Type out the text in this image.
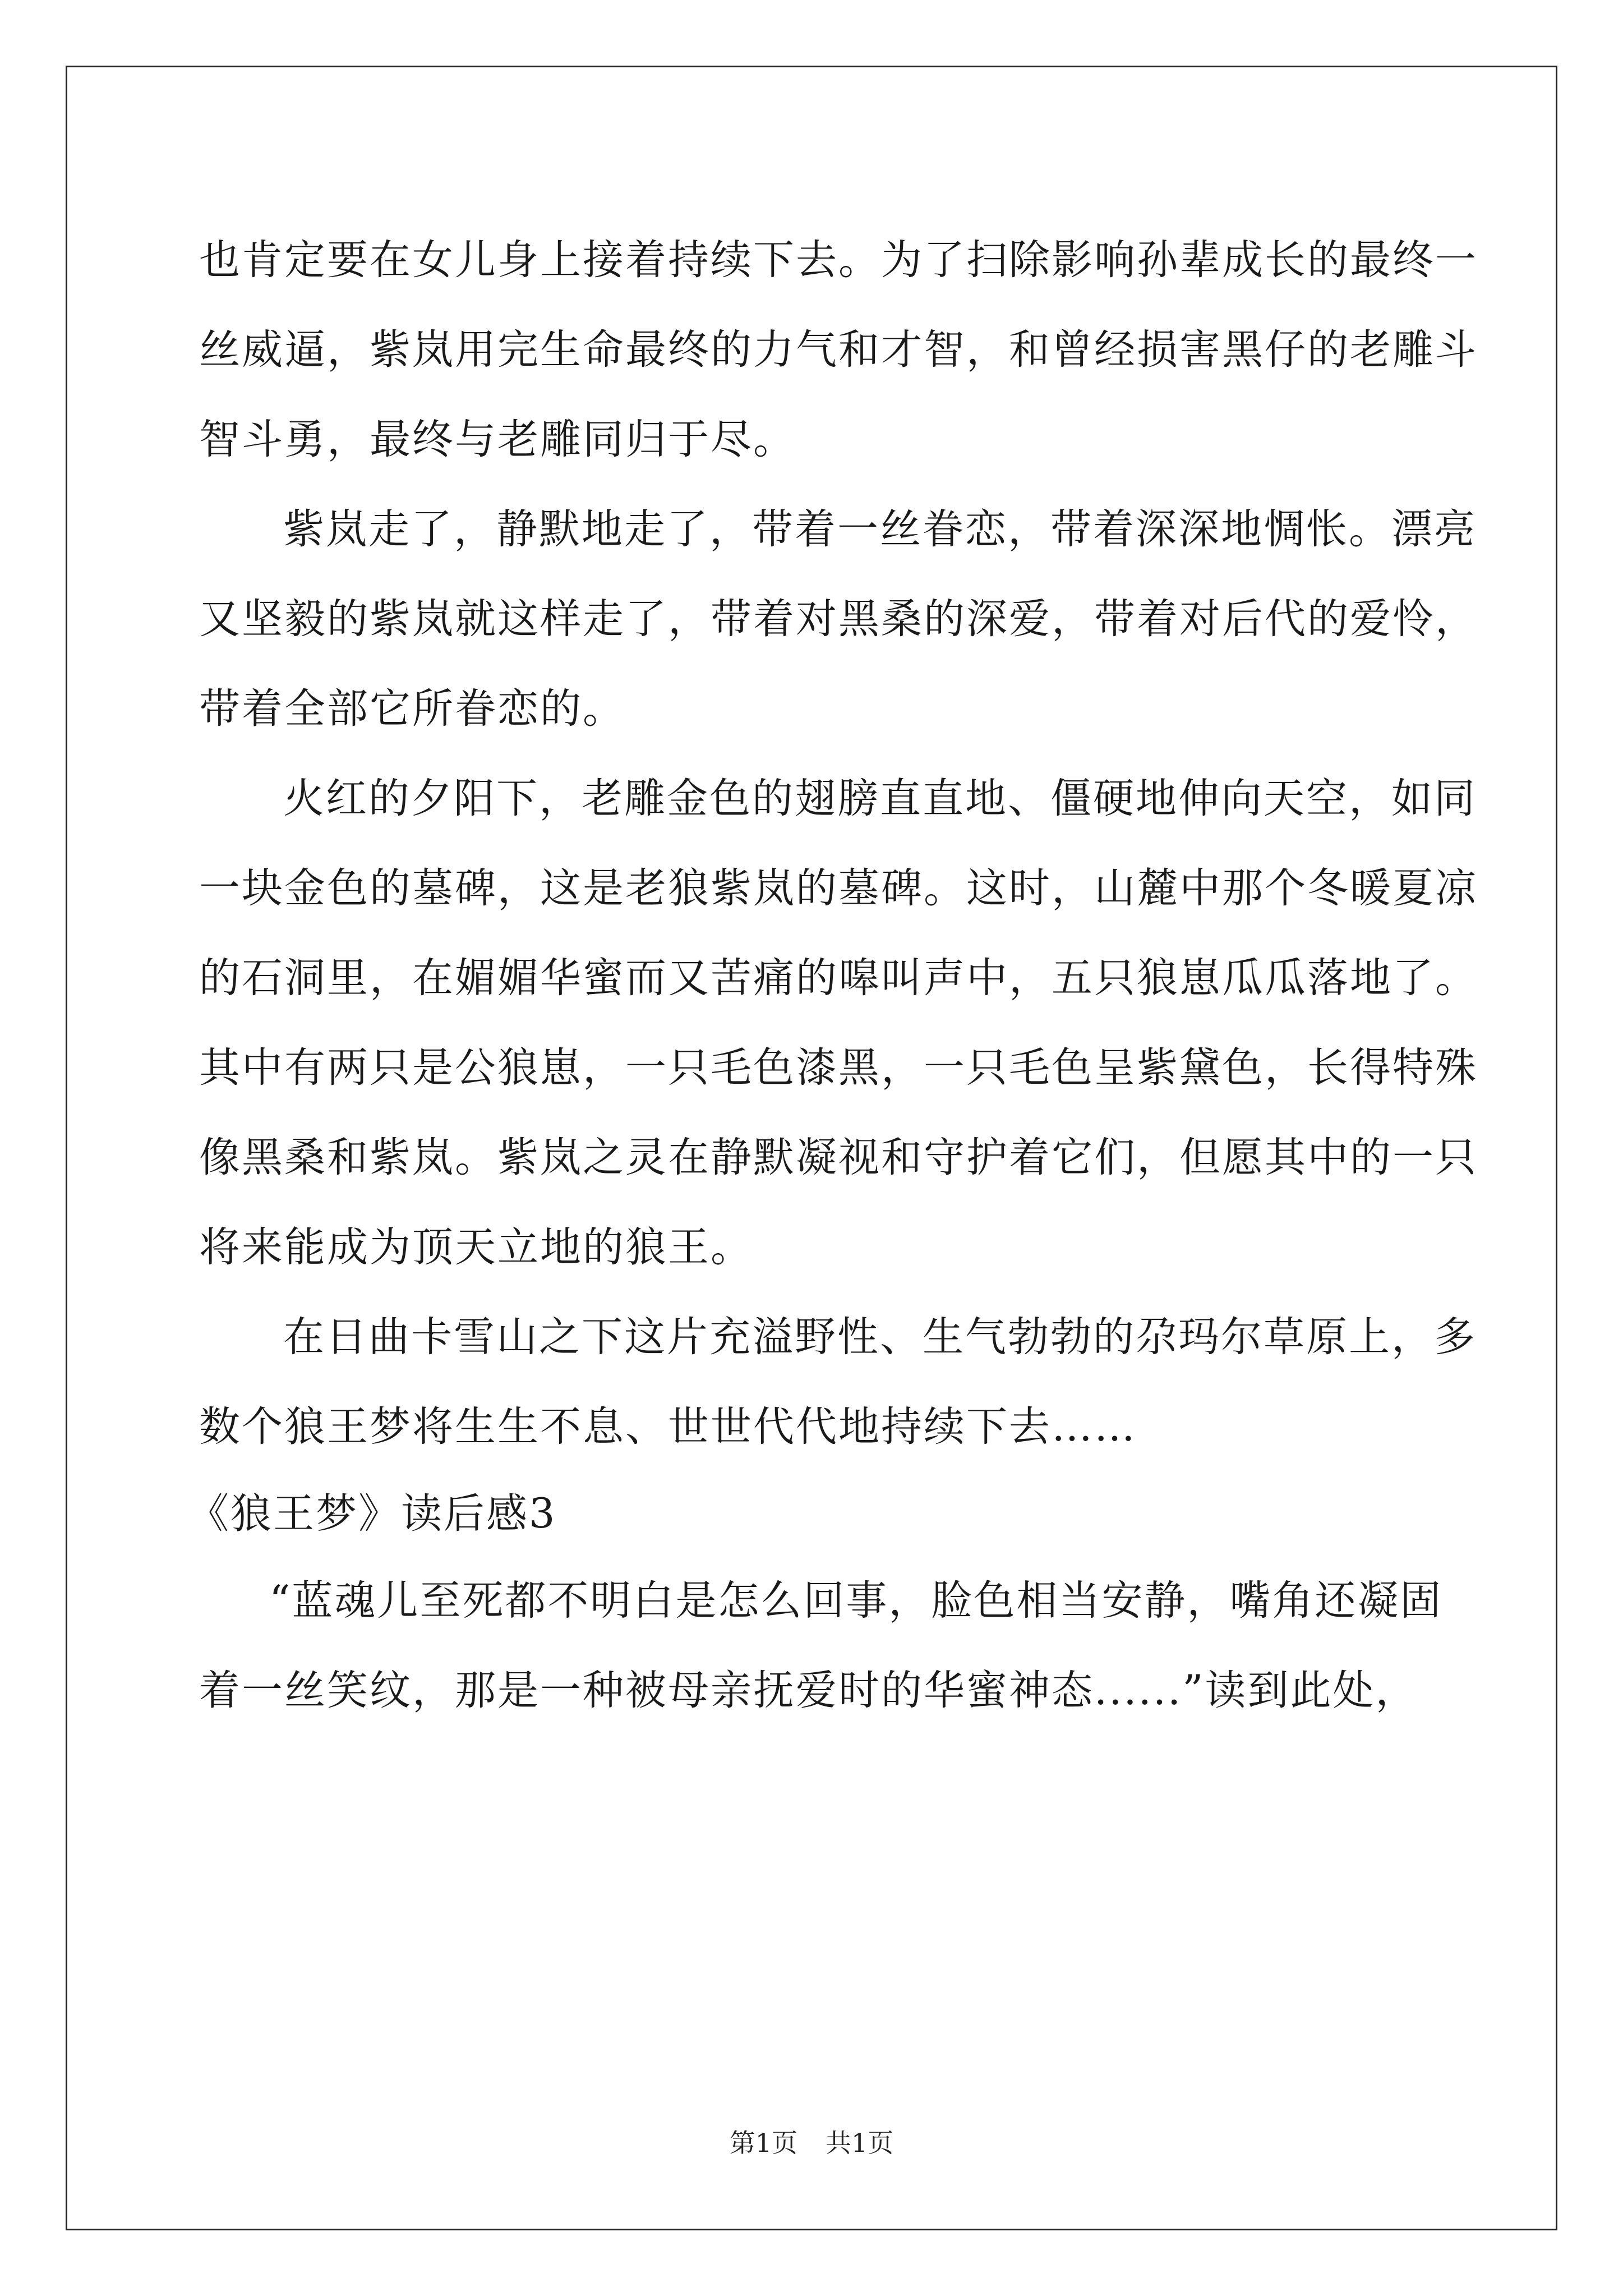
也肯定要在女儿身上接着持续下去。为了扫除影响孙辈成长的最终一
丝威逼，紫岚用完生命最终的力气和才智，和曾经损害黑仔的老雕斗
智斗勇，最终与老雕同归于尽。
紫岚走了，静默地走了，带着一丝眷恋，带着深深地惆怅。漂亮
又坚毅的紫岚就这样走了，带着对黑桑的深爱，带着对后代的爱怜，
带着全部它所眷恋的。
火红的夕阳下，老雕金色的翅膀直直地、僵硬地伸向天空，如同
一块金色的墓碑，这是老狼紫岚的墓碑。这时，山麓中那个冬暖夏凉
的石洞里，在媚媚华蜜而又苦痛的嗥叫声中，五只狼崽瓜瓜落地了。
其中有两只是公狼崽，一只毛色漆黑，一只毛色呈紫黛色，长得特殊
像黑桑和紫岚。紫岚之灵在静默凝视和守护着它们，但愿其中的一只
将来能成为顶天立地的狼王。
在日曲卡雪山之下这片充溢野性、生气勃勃的尕玛尔草原上，多
数个狼王梦将生生不息、世世代代地持续下去……
《狼王梦》读后感3
“蓝魂儿至死都不明白是怎么回事，脸色相当安静，嘴角还凝固
着一丝笑纹，那是一种被母亲抚爱时的华蜜神态......”读到此处，
第1页 共1页
